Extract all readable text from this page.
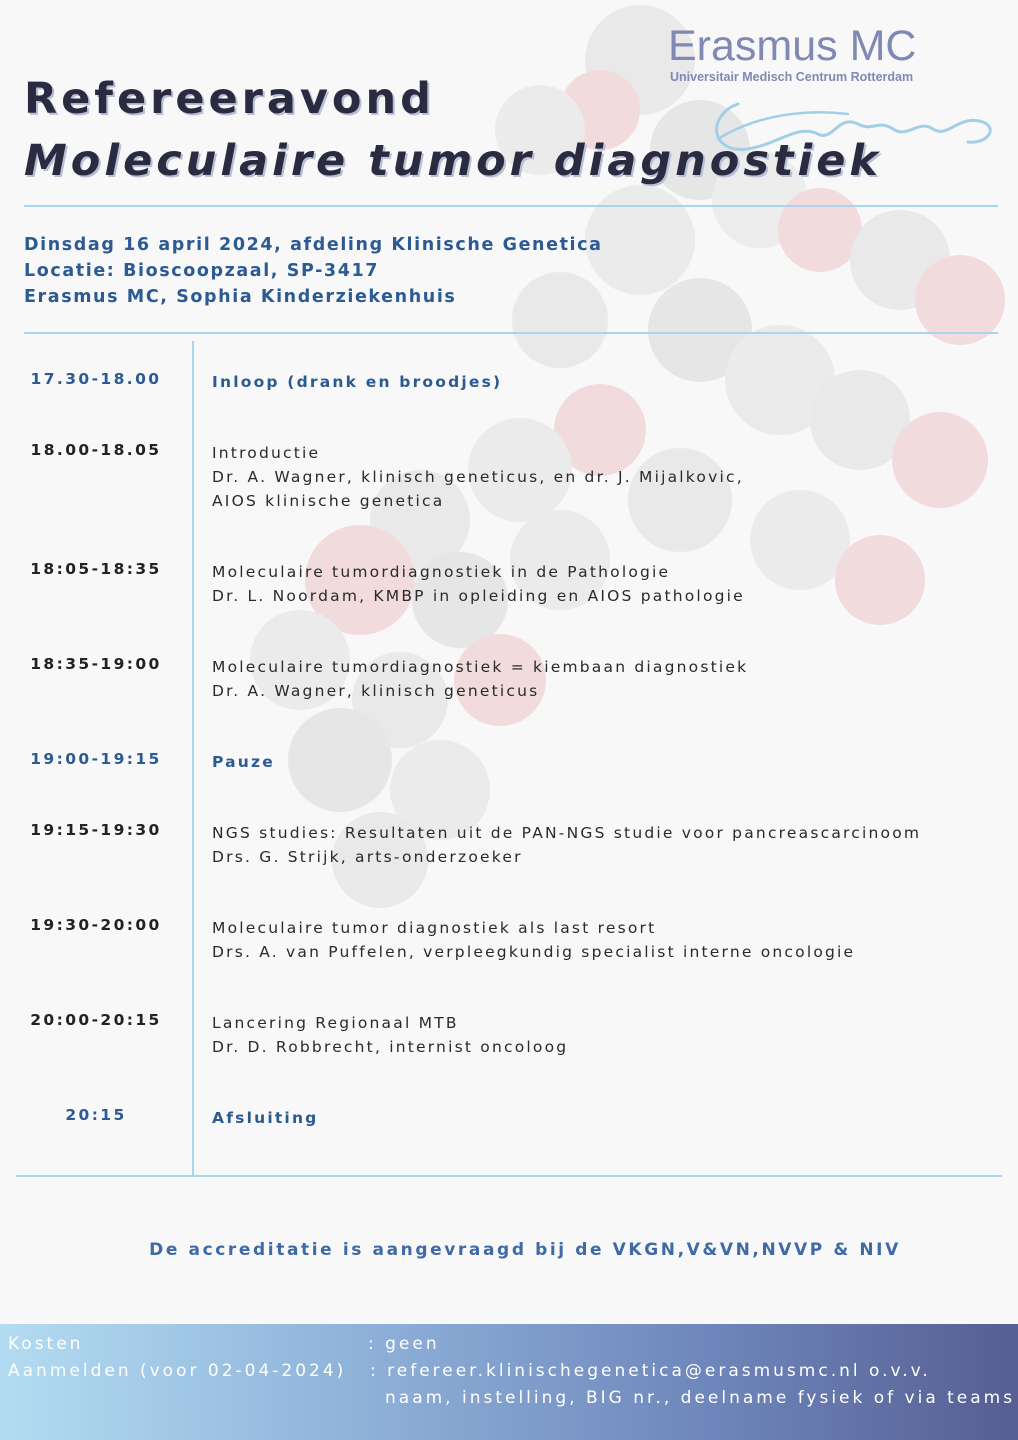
Erasmus MC
Universitair Medisch Centrum Rotterdam
Refereeravond
Moleculaire tumor diagnostiek
Dinsdag 16 april 2024, afdeling Klinische Genetica
Locatie: Bioscoopzaal, SP-3417
Erasmus MC, Sophia Kinderziekenhuis
17.30-18.00	Inloop (drank en broodjes)
18.00-18.05	Introductie
Dr. A. Wagner, klinisch geneticus, en dr. J. Mijalkovic,
AIOS klinische genetica
18:05-18:35	Moleculaire tumordiagnostiek in de Pathologie
Dr. L. Noordam, KMBP in opleiding en AIOS pathologie
18:35-19:00	Moleculaire tumordiagnostiek = kiembaan diagnostiek
Dr. A. Wagner, klinisch geneticus
19:00-19:15	Pauze
19:15-19:30	NGS studies: Resultaten uit de PAN-NGS studie voor pancreascarcinoom
Drs. G. Strijk, arts-onderzoeker
19:30-20:00	Moleculaire tumor diagnostiek als last resort
Drs. A. van Puffelen, verpleegkundig specialist interne oncologie
20:00-20:15	Lancering Regionaal MTB
Dr. D. Robbrecht, internist oncoloog
20:15	Afsluiting
De accreditatie is aangevraagd bij de VKGN,V&VN,NVVP & NIV
Kosten	: geen
Aanmelden (voor 02-04-2024) : refereer.klinischegenetica@erasmusmc.nl o.v.v.
naam, instelling, BIG nr., deelname fysiek of via teams
